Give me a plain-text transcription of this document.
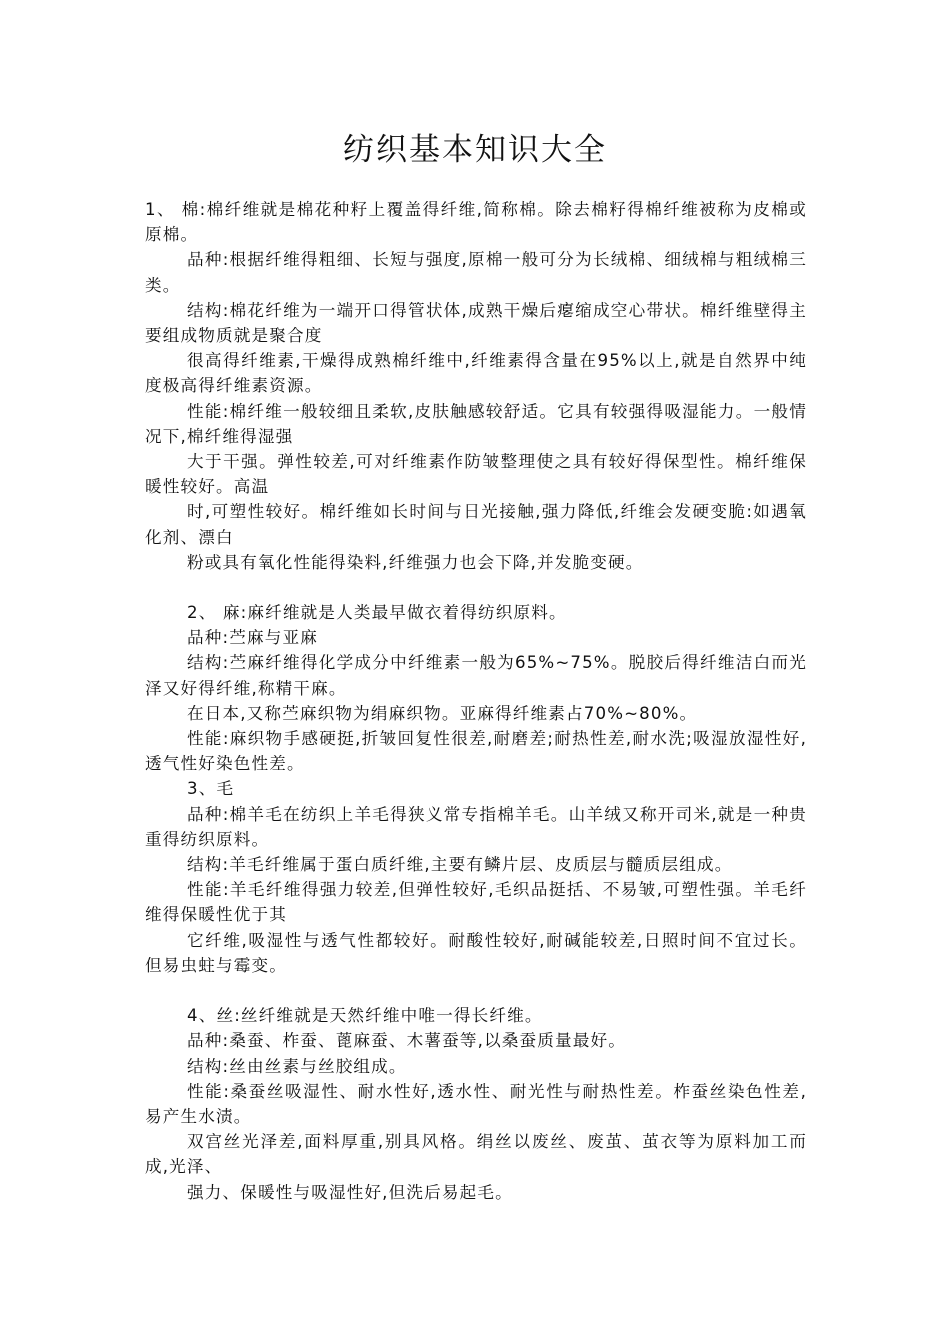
纺织基本知识大全

1、 棉:棉纤维就是棉花种籽上覆盖得纤维,简称棉。除去棉籽得棉纤维被称为皮棉或原棉。

品种:根据纤维得粗细、长短与强度,原棉一般可分为长绒棉、细绒棉与粗绒棉三类。

结构:棉花纤维为一端开口得管状体,成熟干燥后瘪缩成空心带状。棉纤维壁得主要组成物质就是聚合度

很高得纤维素,干燥得成熟棉纤维中,纤维素得含量在95%以上,就是自然界中纯度极高得纤维素资源。

性能:棉纤维一般较细且柔软,皮肤触感较舒适。它具有较强得吸湿能力。一般情况下,棉纤维得湿强

大于干强。弹性较差,可对纤维素作防皱整理使之具有较好得保型性。棉纤维保暖性较好。高温

时,可塑性较好。棉纤维如长时间与日光接触,强力降低,纤维会发硬变脆:如遇氧化剂、漂白

粉或具有氧化性能得染料,纤维强力也会下降,并发脆变硬。

2、 麻:麻纤维就是人类最早做衣着得纺织原料。

品种:苎麻与亚麻

结构:苎麻纤维得化学成分中纤维素一般为65%~75%。脱胶后得纤维洁白而光泽又好得纤维,称精干麻。

在日本,又称苎麻织物为绢麻织物。亚麻得纤维素占70%~80%。

性能:麻织物手感硬挺,折皱回复性很差,耐磨差;耐热性差,耐水洗;吸湿放湿性好,透气性好染色性差。

3、毛

品种:棉羊毛在纺织上羊毛得狭义常专指棉羊毛。山羊绒又称开司米,就是一种贵重得纺织原料。

结构:羊毛纤维属于蛋白质纤维,主要有鳞片层、皮质层与髓质层组成。

性能:羊毛纤维得强力较差,但弹性较好,毛织品挺括、不易皱,可塑性强。羊毛纤维得保暖性优于其

它纤维,吸湿性与透气性都较好。耐酸性较好,耐碱能较差,日照时间不宜过长。但易虫蛀与霉变。

4、丝:丝纤维就是天然纤维中唯一得长纤维。

品种:桑蚕、柞蚕、蓖麻蚕、木薯蚕等,以桑蚕质量最好。

结构:丝由丝素与丝胶组成。

性能:桑蚕丝吸湿性、耐水性好,透水性、耐光性与耐热性差。柞蚕丝染色性差,易产生水渍。

双宫丝光泽差,面料厚重,别具风格。绢丝以废丝、废茧、茧衣等为原料加工而成,光泽、

强力、保暖性与吸湿性好,但洗后易起毛。
